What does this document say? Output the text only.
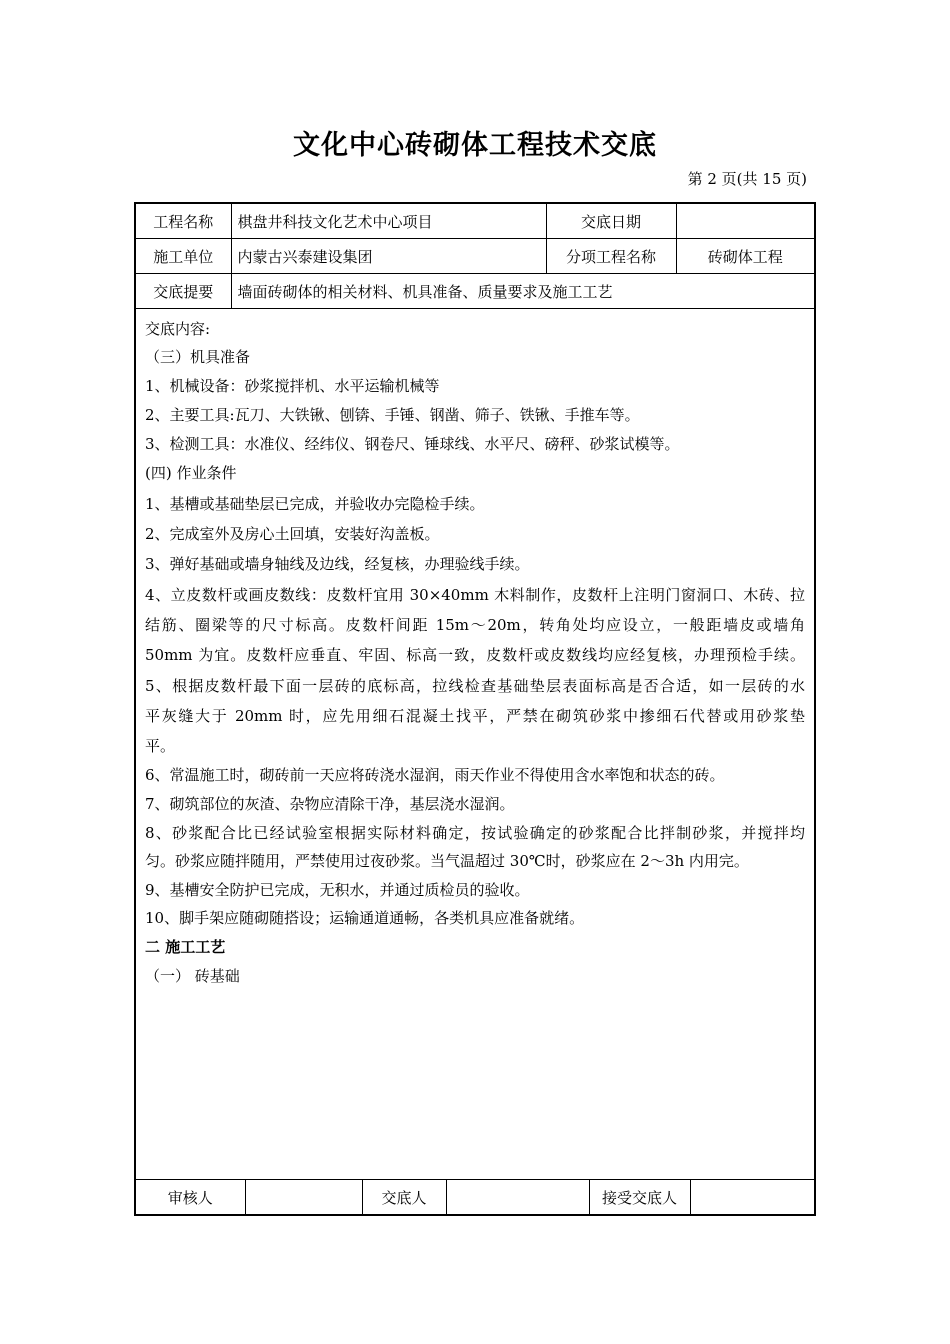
文化中心砖砌体工程技术交底
第 2 页(共 15 页)
工程名称	棋盘井科技文化艺术中心项目	交底日期	
施工单位	内蒙古兴泰建设集团	分项工程名称	砖砌体工程
交底提要	墙面砖砌体的相关材料、机具准备、质量要求及施工工艺		
交底内容:
（三）机具准备
1、机械设备：砂浆搅拌机、水平运输机械等
2、主要工具:瓦刀、大铁锹、刨锛、手锤、钢凿、筛子、铁锹、手推车等。
3、检测工具：水准仪、经纬仪、钢卷尺、锤球线、水平尺、磅秤、砂浆试模等。
(四) 作业条件
1、基槽或基础垫层已完成，并验收办完隐检手续。
2、完成室外及房心土回填，安装好沟盖板。
3、弹好基础或墙身轴线及边线，经复核，办理验线手续。
4、立皮数杆或画皮数线：皮数杆宜用 30×40mm 木料制作，皮数杆上注明门窗洞口、木砖、拉
结筋、圈梁等的尺寸标高。皮数杆间距 15m～20m，转角处均应设立，一般距墙皮或墙角
50mm 为宜。皮数杆应垂直、牢固、标高一致，皮数杆或皮数线均应经复核，办理预检手续。
5、根据皮数杆最下面一层砖的底标高，拉线检查基础垫层表面标高是否合适，如一层砖的水
平灰缝大于 20mm 时，应先用细石混凝土找平，严禁在砌筑砂浆中掺细石代替或用砂浆垫
平。
6、常温施工时，砌砖前一天应将砖浇水湿润，雨天作业不得使用含水率饱和状态的砖。
7、砌筑部位的灰渣、杂物应清除干净，基层浇水湿润。
8、砂浆配合比已经试验室根据实际材料确定，按试验确定的砂浆配合比拌制砂浆，并搅拌均
匀。砂浆应随拌随用，严禁使用过夜砂浆。当气温超过 30℃时，砂浆应在 2～3h 内用完。
9、基槽安全防护已完成，无积水，并通过质检员的验收。
10、脚手架应随砌随搭设；运输通道通畅，各类机具应准备就绪。
二 施工工艺
（一） 砖基础
审核人		交底人		接受交底人	
